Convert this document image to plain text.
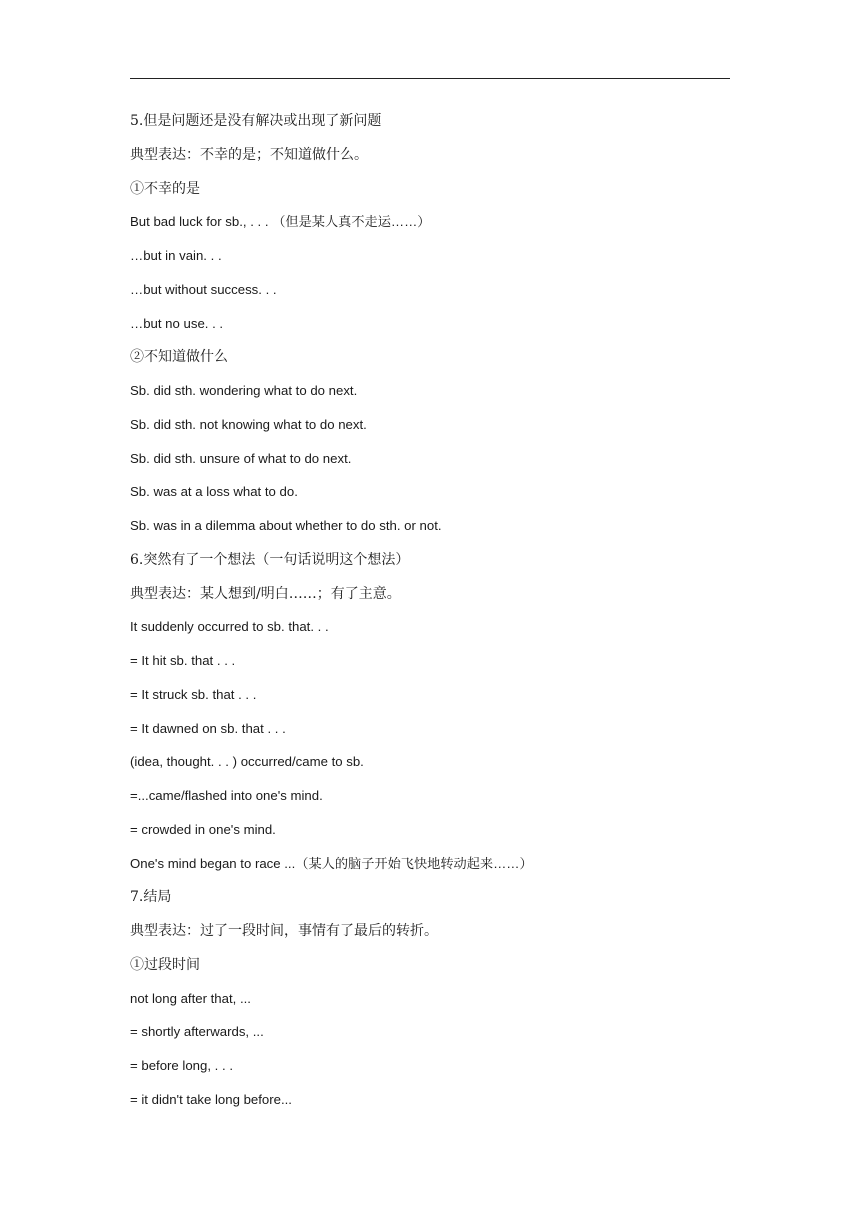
5.但是问题还是没有解决或出现了新问题
典型表达：不幸的是；不知道做什么。
①不幸的是
But bad luck for sb., . . . （但是某人真不走运……）
…but in vain. . .
…but without success. . .
…but no use. . .
②不知道做什么
Sb. did sth. wondering what to do next.
Sb. did sth. not knowing what to do next.
Sb. did sth. unsure of what to do next.
Sb. was at a loss what to do.
Sb. was in a dilemma about whether to do sth. or not.
6.突然有了一个想法（一句话说明这个想法）
典型表达：某人想到/明白……；有了主意。
It suddenly occurred to sb. that. . .
= It hit sb. that . . .
= It struck sb. that . . .
= It dawned on sb. that . . .
(idea, thought. . . ) occurred/came to sb.
=...came/flashed into one's mind.
= crowded in one's mind.
One's mind began to race ...（某人的脑子开始飞快地转动起来……）
7.结局
典型表达：过了一段时间，事情有了最后的转折。
①过段时间
not long after that, ...
= shortly afterwards, ...
= before long, . . .
= it didn't take long before...
